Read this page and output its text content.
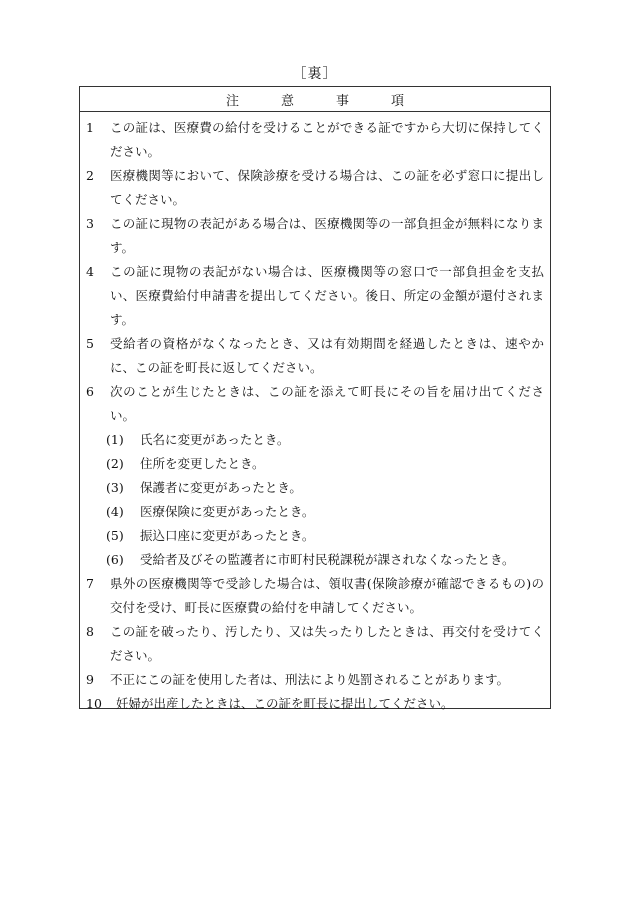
［裏］
注	意	事	項
1	この証は、医療費の給付を受けることができる証ですから大切に保持してください。
2	医療機関等において、保険診療を受ける場合は、この証を必ず窓口に提出してください。
3	この証に現物の表記がある場合は、医療機関等の一部負担金が無料になります。
4	この証に現物の表記がない場合は、医療機関等の窓口で一部負担金を支払い、医療費給付申請書を提出してください。後日、所定の金額が還付されます。
5	受給者の資格がなくなったとき、又は有効期間を経過したときは、速やかに、この証を町長に返してください。
6	次のことが生じたときは、この証を添えて町長にその旨を届け出てください。
(1)	氏名に変更があったとき。
(2)	住所を変更したとき。
(3)	保護者に変更があったとき。
(4)	医療保険に変更があったとき。
(5)	振込口座に変更があったとき。
(6)	受給者及びその監護者に市町村民税課税が課されなくなったとき。
7	県外の医療機関等で受診した場合は、領収書(保険診療が確認できるもの)の交付を受け、町長に医療費の給付を申請してください。
8	この証を破ったり、汚したり、又は失ったりしたときは、再交付を受けてください。
9	不正にこの証を使用した者は、刑法により処罰されることがあります。
10	妊婦が出産したときは、この証を町長に提出してください。
